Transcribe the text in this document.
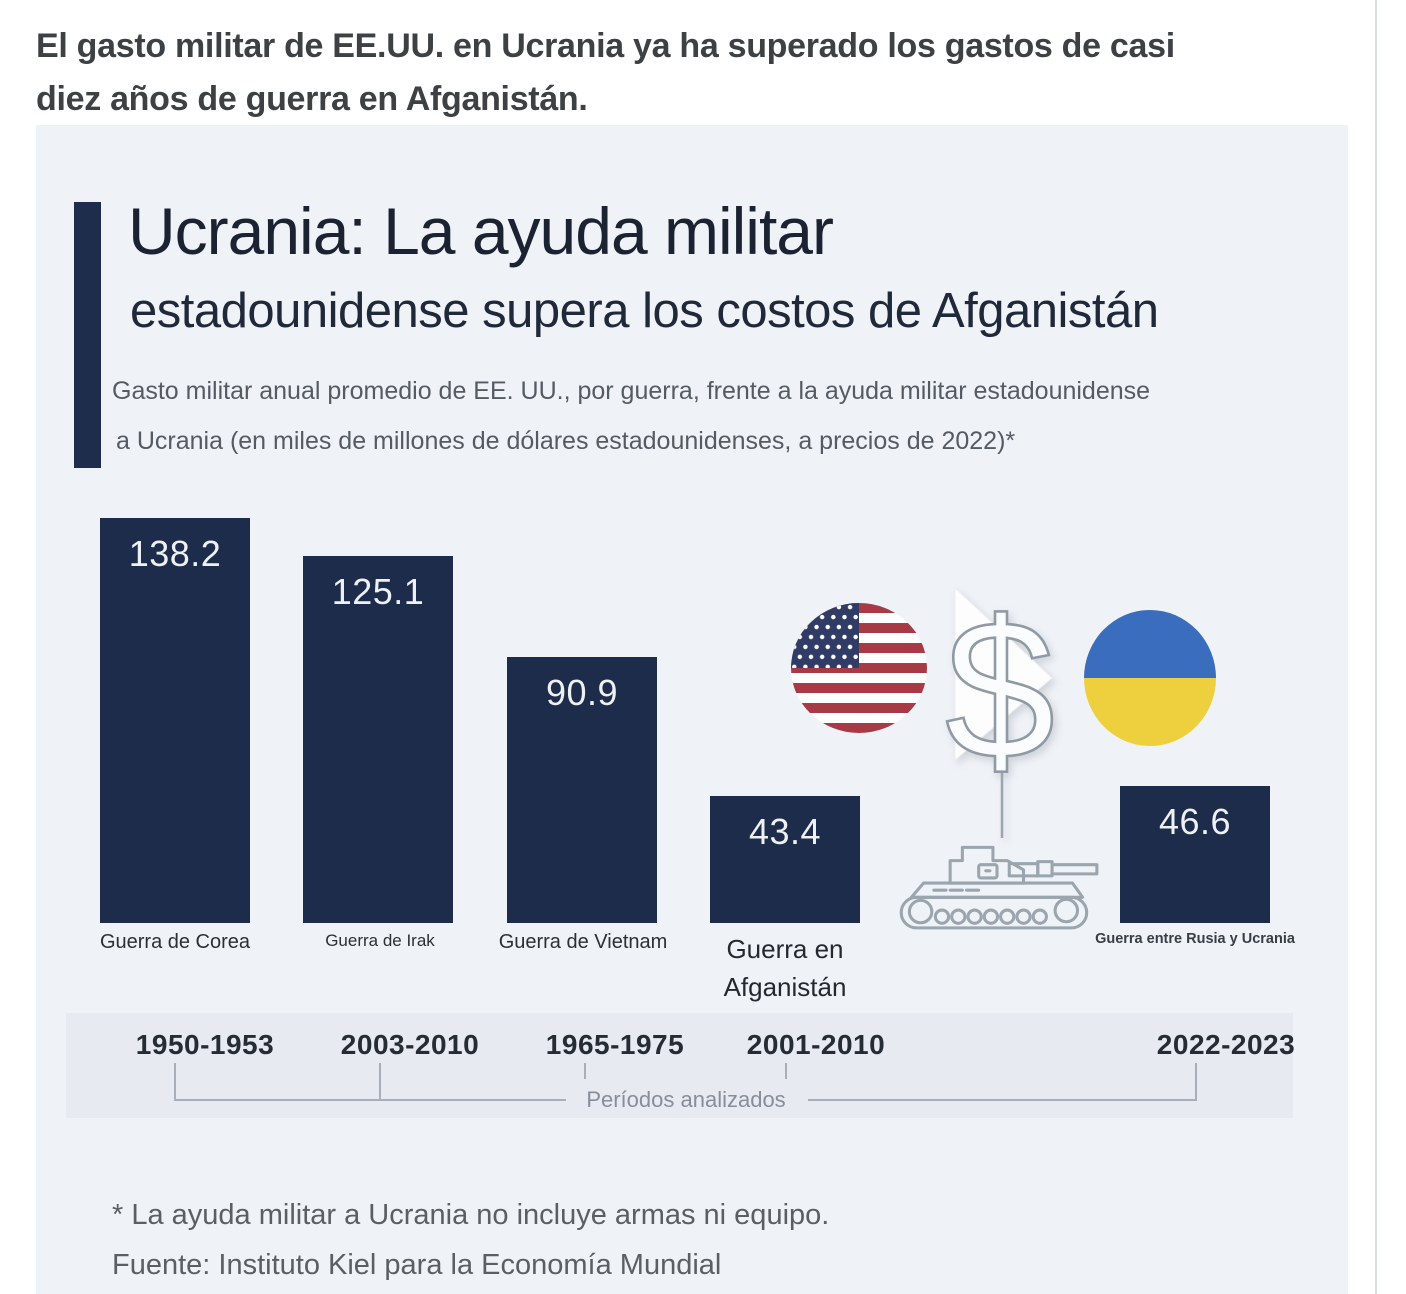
El gasto militar de EE.UU. en Ucrania ya ha superado los gastos de casi
diez años de guerra en Afganistán.
Ucrania: La ayuda militar
estadounidense supera los costos de Afganistán
Gasto militar anual promedio de EE. UU., por guerra, frente a la ayuda militar estadounidense
a Ucrania (en miles de millones de dólares estadounidenses, a precios de 2022)*
138.2
125.1
90.9
43.4	46.6
Guerra de Corea	Guerra de Irak	Guerra de Vietnam	Guerra en Afganistán
Guerra entre Rusia y Ucrania
$
1950-1953	2003-2010	1965-1975	2001-2010	2022-2023
Períodos analizados
* La ayuda militar a Ucrania no incluye armas ni equipo.
Fuente: Instituto Kiel para la Economía Mundial
